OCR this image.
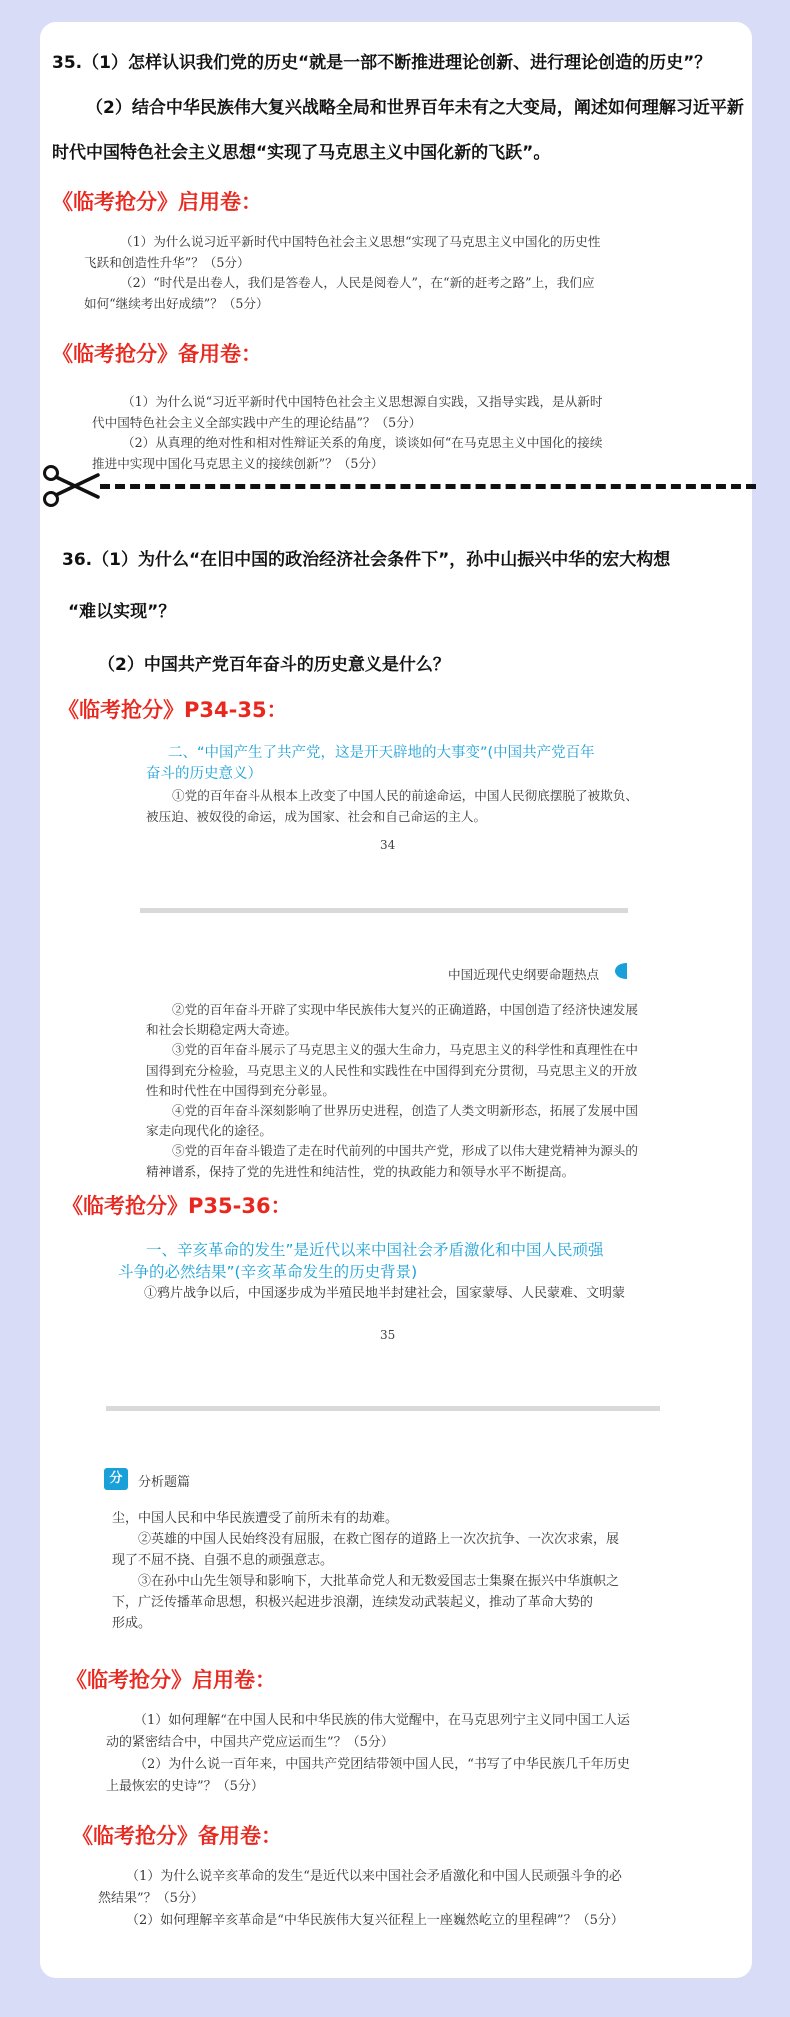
35.（1）怎样认识我们党的历史“就是一部不断推进理论创新、进行理论创造的历史”？
（2）结合中华民族伟大复兴战略全局和世界百年未有之大变局，阐述如何理解习近平新
时代中国特色社会主义思想“实现了马克思主义中国化新的飞跃”。
《临考抢分》启用卷：

（1）为什么说习近平新时代中国特色社会主义思想“实现了马克思主义中国化的历史性

飞跃和创造性升华”？（5分）

（2）“时代是出卷人，我们是答卷人，人民是阅卷人”，在“新的赶考之路”上，我们应

如何“继续考出好成绩”？（5分）

《临考抢分》备用卷：

（1）为什么说“习近平新时代中国特色社会主义思想源自实践，又指导实践，是从新时

代中国特色社会主义全部实践中产生的理论结晶”？（5分）

（2）从真理的绝对性和相对性辩证关系的角度，谈谈如何“在马克思主义中国化的接续

推进中实现中国化马克思主义的接续创新”？（5分）

36.（1）为什么“在旧中国的政治经济社会条件下”，孙中山振兴中华的宏大构想
“难以实现”？
（2）中国共产党百年奋斗的历史意义是什么？
《临考抢分》P34-35：
二、“中国产生了共产党，这是开天辟地的大事变”(中国共产党百年
奋斗的历史意义）

①党的百年奋斗从根本上改变了中国人民的前途命运，中国人民彻底摆脱了被欺负、

被压迫、被奴役的命运，成为国家、社会和自己命运的主人。

34
中国近现代史纲要命题热点

②党的百年奋斗开辟了实现中华民族伟大复兴的正确道路，中国创造了经济快速发展

和社会长期稳定两大奇迹。

③党的百年奋斗展示了马克思主义的强大生命力，马克思主义的科学性和真理性在中

国得到充分检验，马克思主义的人民性和实践性在中国得到充分贯彻，马克思主义的开放

性和时代性在中国得到充分彰显。

④党的百年奋斗深刻影响了世界历史进程，创造了人类文明新形态，拓展了发展中国

家走向现代化的途径。

⑤党的百年奋斗锻造了走在时代前列的中国共产党，形成了以伟大建党精神为源头的

精神谱系，保持了党的先进性和纯洁性，党的执政能力和领导水平不断提高。

《临考抢分》P35-36：
一、辛亥革命的发生”是近代以来中国社会矛盾激化和中国人民顽强
斗争的必然结果”(辛亥革命发生的历史背景)

①鸦片战争以后，中国逐步成为半殖民地半封建社会，国家蒙辱、人民蒙难、文明蒙

35
分	分析题篇

尘，中国人民和中华民族遭受了前所未有的劫难。

②英雄的中国人民始终没有屈服，在救亡图存的道路上一次次抗争、一次次求索，展

现了不屈不挠、自强不息的顽强意志。

③在孙中山先生领导和影响下，大批革命党人和无数爱国志士集聚在振兴中华旗帜之

下，广泛传播革命思想，积极兴起进步浪潮，连续发动武装起义，推动了革命大势的

形成。

《临考抢分》启用卷：

（1）如何理解“在中国人民和中华民族的伟大觉醒中，在马克思列宁主义同中国工人运

动的紧密结合中，中国共产党应运而生”？（5分）

（2）为什么说一百年来，中国共产党团结带领中国人民，“书写了中华民族几千年历史

上最恢宏的史诗”？（5分）

《临考抢分》备用卷：

（1）为什么说辛亥革命的发生“是近代以来中国社会矛盾激化和中国人民顽强斗争的必

然结果”？（5分）

（2）如何理解辛亥革命是“中华民族伟大复兴征程上一座巍然屹立的里程碑”？（5分）
